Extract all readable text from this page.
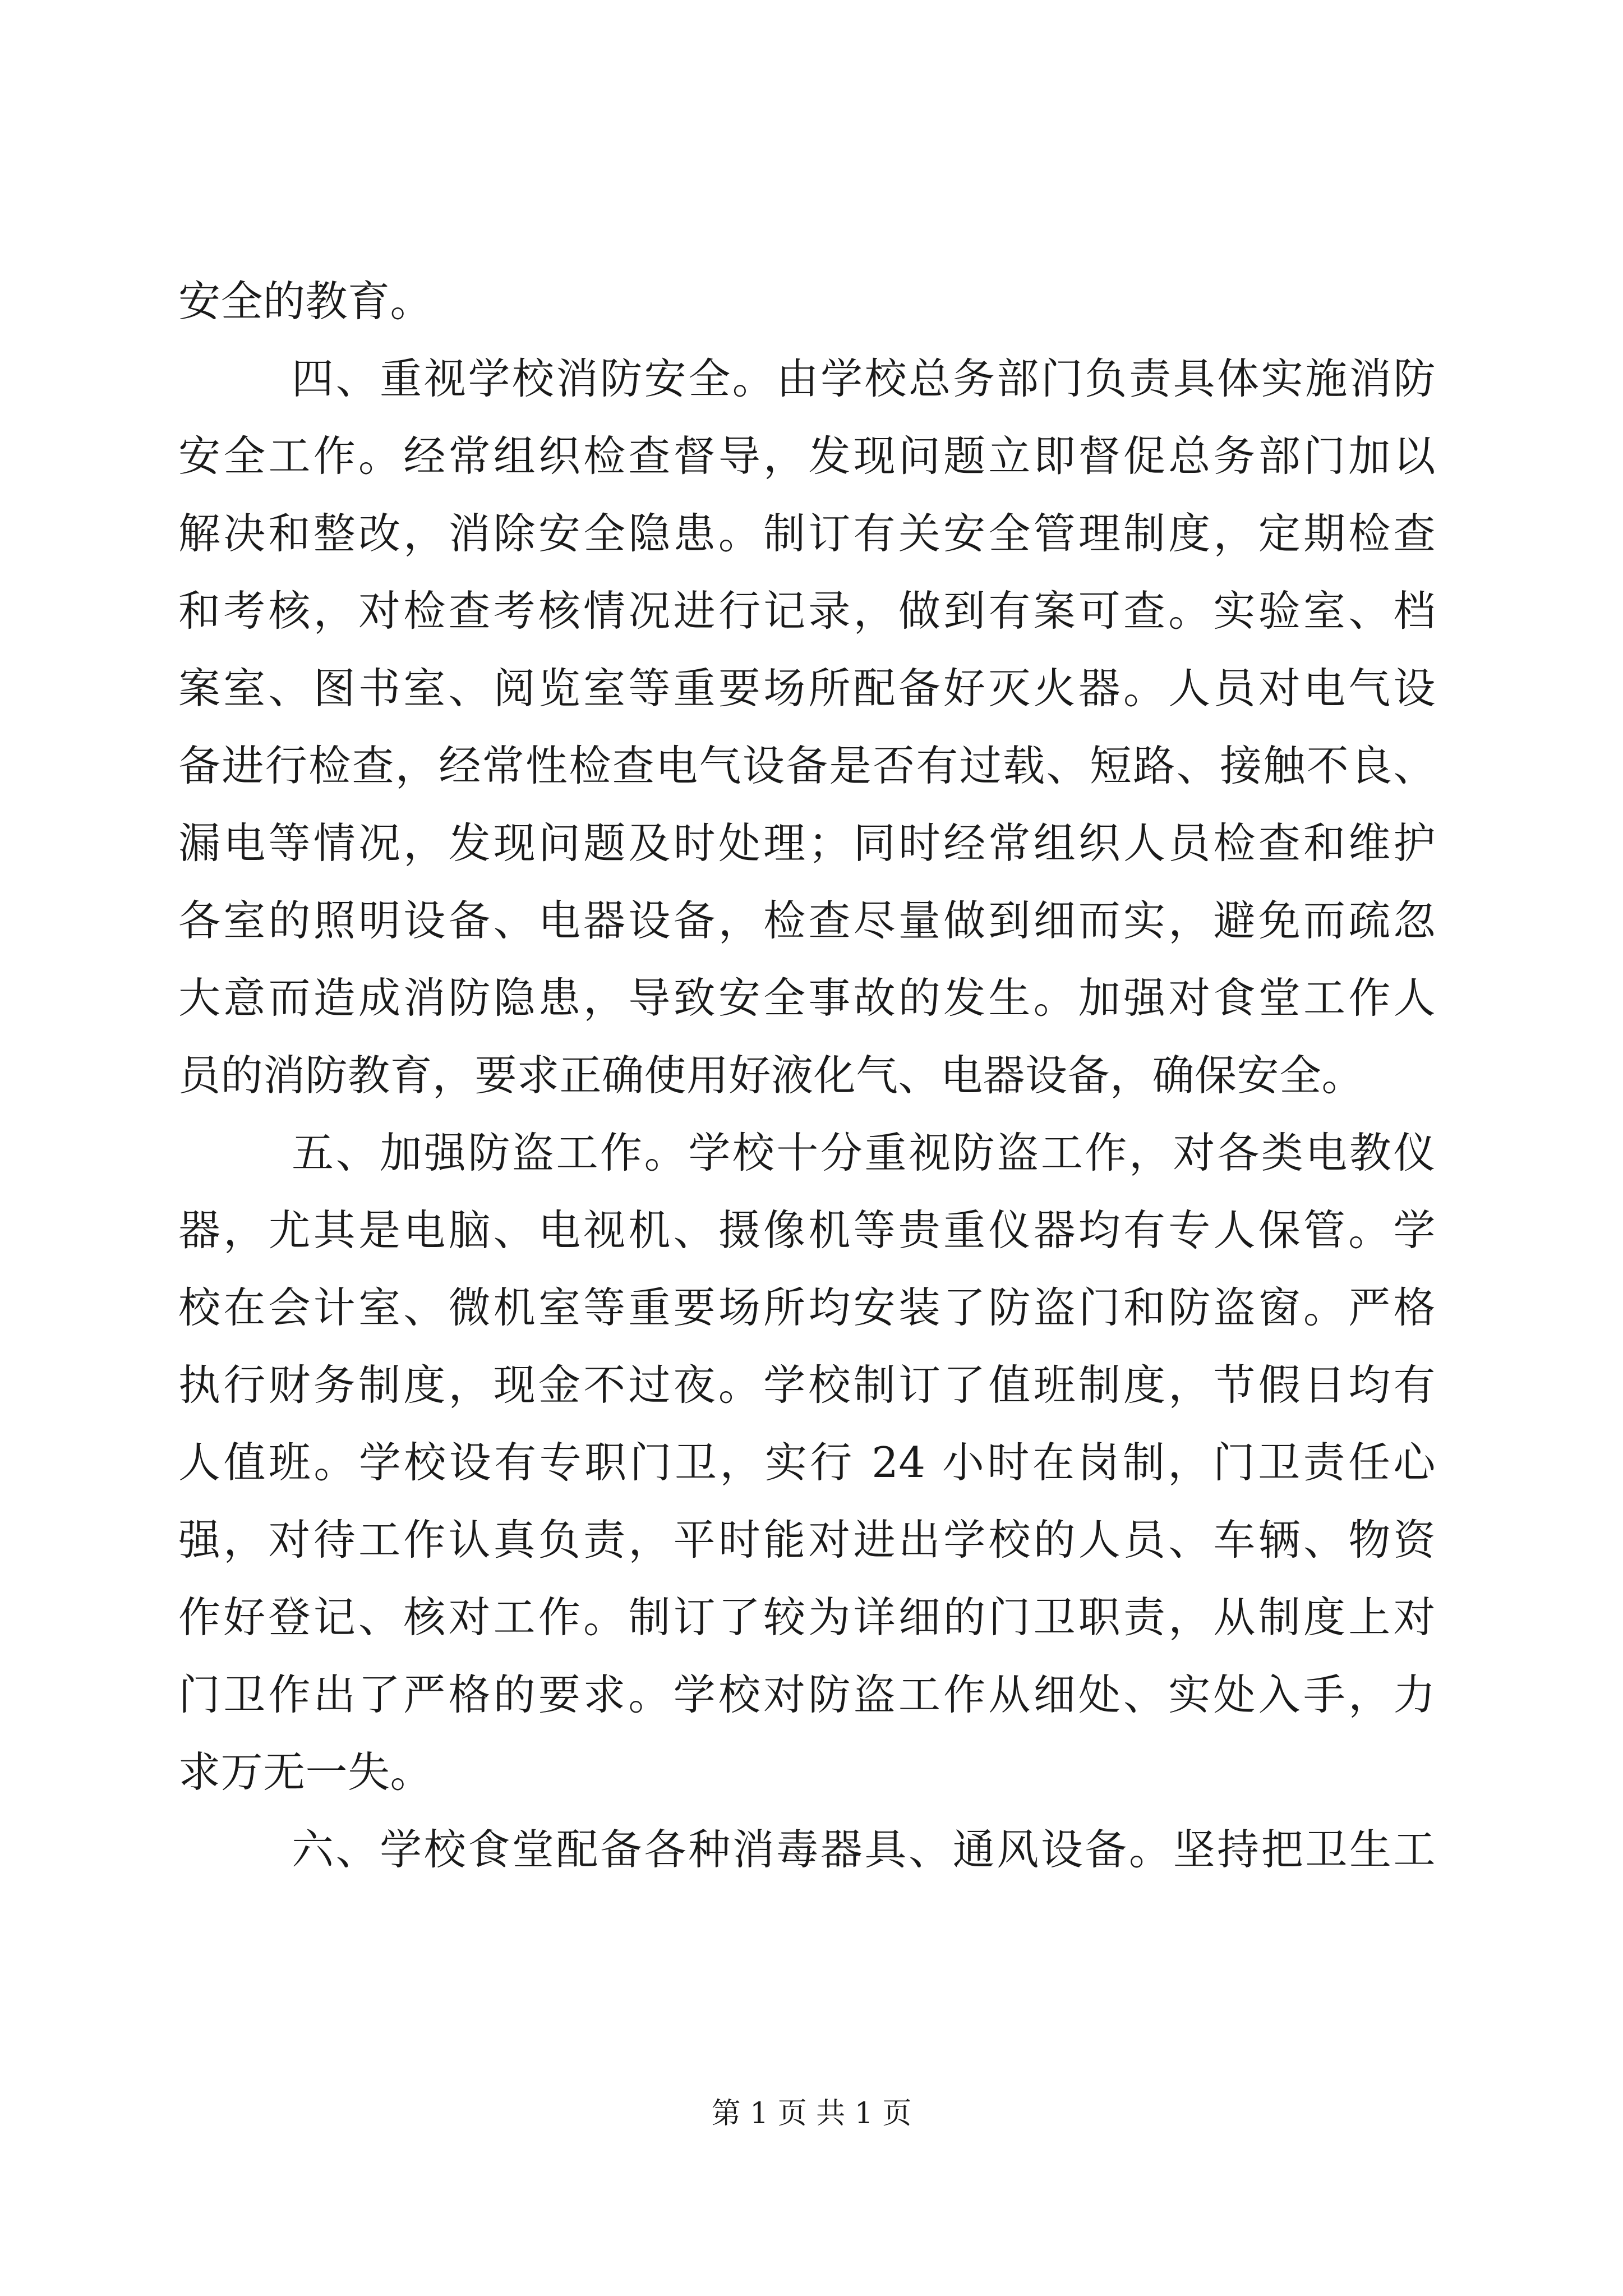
安全的教育。
四、重视学校消防安全。由学校总务部门负责具体实施消防
安全工作。经常组织检查督导，发现问题立即督促总务部门加以
解决和整改，消除安全隐患。制订有关安全管理制度，定期检查
和考核，对检查考核情况进行记录，做到有案可查。实验室、档
案室、图书室、阅览室等重要场所配备好灭火器。人员对电气设
备进行检查，经常性检查电气设备是否有过载、短路、接触不良、
漏电等情况，发现问题及时处理；同时经常组织人员检查和维护
各室的照明设备、电器设备，检查尽量做到细而实，避免而疏忽
大意而造成消防隐患，导致安全事故的发生。加强对食堂工作人
员的消防教育，要求正确使用好液化气、电器设备，确保安全。
五、加强防盗工作。学校十分重视防盗工作，对各类电教仪
器，尤其是电脑、电视机、摄像机等贵重仪器均有专人保管。学
校在会计室、微机室等重要场所均安装了防盗门和防盗窗。严格
执行财务制度，现金不过夜。学校制订了值班制度，节假日均有
人值班。学校设有专职门卫，实行 24 小时在岗制，门卫责任心
强，对待工作认真负责，平时能对进出学校的人员、车辆、物资
作好登记、核对工作。制订了较为详细的门卫职责，从制度上对
门卫作出了严格的要求。学校对防盗工作从细处、实处入手，力
求万无一失。
六、学校食堂配备各种消毒器具、通风设备。坚持把卫生工
第 1 页 共 1 页
